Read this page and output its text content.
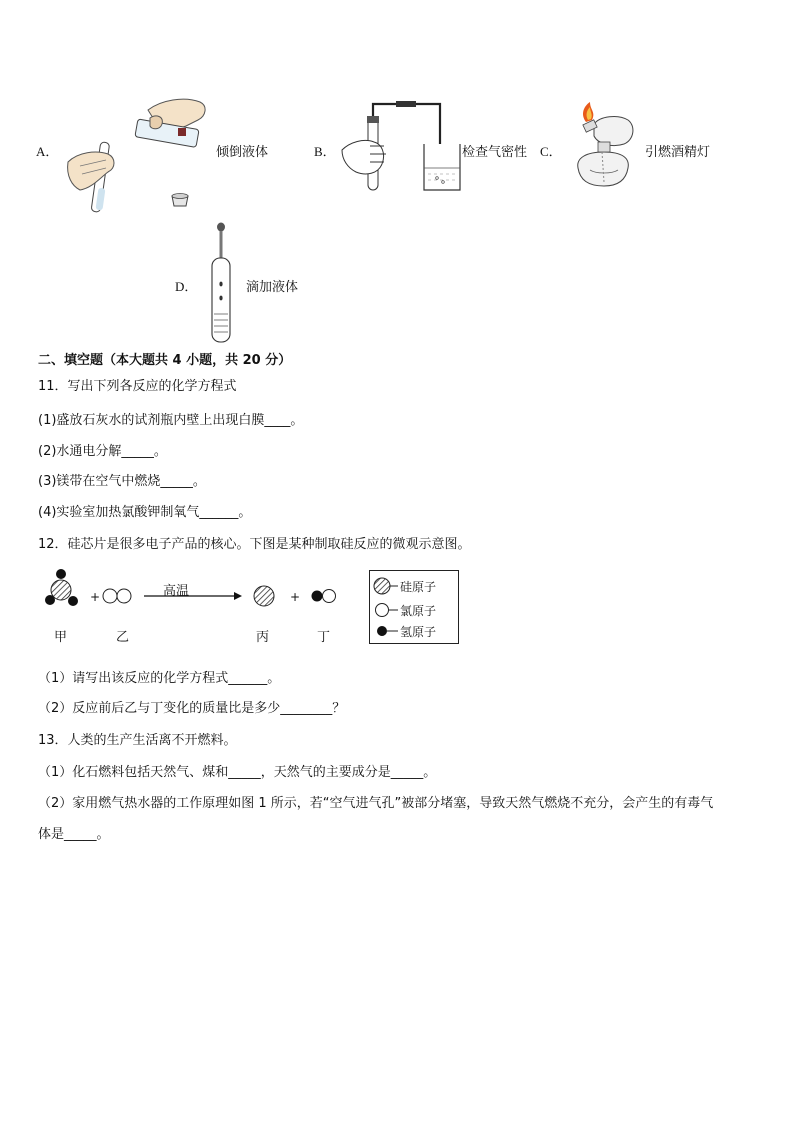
A．	倾倒液体	B．	检查气密性 C．	引燃酒精灯
D．	滴加液体
二、填空题（本大题共 4 小题，共 20 分）
11．写出下列各反应的化学方程式
(1)盛放石灰水的试剂瓶内壁上出现白膜____。
(2)水通电分解_____。
(3)镁带在空气中燃烧_____。
(4)实验室加热氯酸钾制氧气______。
12．硅芯片是很多电子产品的核心。下图是某种制取硅反应的微观示意图。
+	+
高温
甲	乙	丙	丁
硅原子
氯原子
氢原子
（1）请写出该反应的化学方程式______。
（2）反应前后乙与丁变化的质量比是多少________？
13．人类的生产生活离不开燃料。
（1）化石燃料包括天然气、煤和_____，天然气的主要成分是_____。
（2）家用燃气热水器的工作原理如图 1 所示，若“空气进气孔”被部分堵塞，导致天然气燃烧不充分，会产生的有毒气
体是_____。
